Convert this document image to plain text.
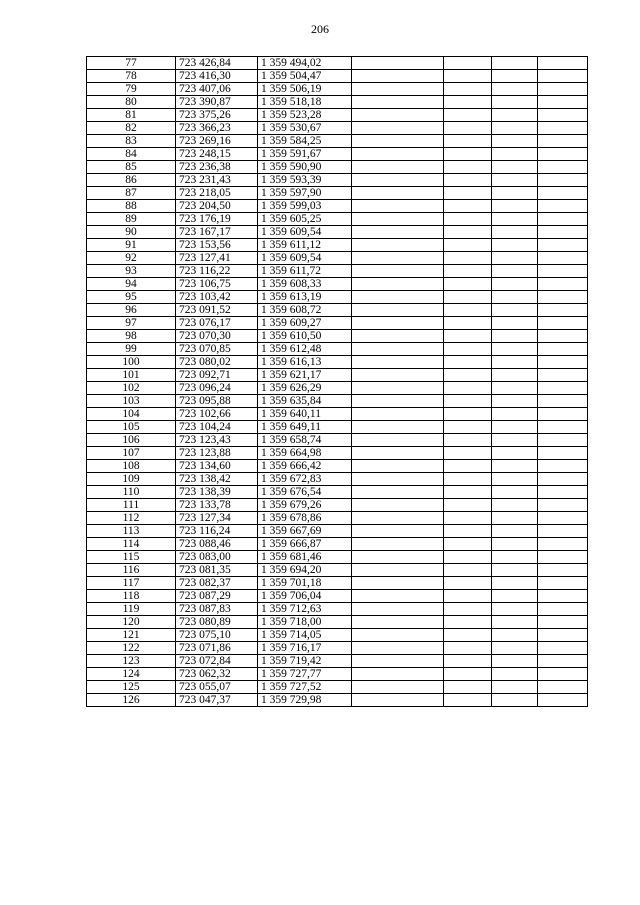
206
77	723 426,84	1 359 494,02				
78	723 416,30	1 359 504,47				
79	723 407,06	1 359 506,19				
80	723 390,87	1 359 518,18				
81	723 375,26	1 359 523,28				
82	723 366,23	1 359 530,67				
83	723 269,16	1 359 584,25				
84	723 248,15	1 359 591,67				
85	723 236,38	1 359 590,90				
86	723 231,43	1 359 593,39				
87	723 218,05	1 359 597,90				
88	723 204,50	1 359 599,03				
89	723 176,19	1 359 605,25				
90	723 167,17	1 359 609,54				
91	723 153,56	1 359 611,12				
92	723 127,41	1 359 609,54				
93	723 116,22	1 359 611,72				
94	723 106,75	1 359 608,33				
95	723 103,42	1 359 613,19				
96	723 091,52	1 359 608,72				
97	723 076,17	1 359 609,27				
98	723 070,30	1 359 610,50				
99	723 070,85	1 359 612,48				
100	723 080,02	1 359 616,13				
101	723 092,71	1 359 621,17				
102	723 096,24	1 359 626,29				
103	723 095,88	1 359 635,84				
104	723 102,66	1 359 640,11				
105	723 104,24	1 359 649,11				
106	723 123,43	1 359 658,74				
107	723 123,88	1 359 664,98				
108	723 134,60	1 359 666,42				
109	723 138,42	1 359 672,83				
110	723 138,39	1 359 676,54				
111	723 133,78	1 359 679,26				
112	723 127,34	1 359 678,86				
113	723 116,24	1 359 667,69				
114	723 088,46	1 359 666,87				
115	723 083,00	1 359 681,46				
116	723 081,35	1 359 694,20				
117	723 082,37	1 359 701,18				
118	723 087,29	1 359 706,04				
119	723 087,83	1 359 712,63				
120	723 080,89	1 359 718,00				
121	723 075,10	1 359 714,05				
122	723 071,86	1 359 716,17				
123	723 072,84	1 359 719,42				
124	723 062,32	1 359 727,77				
125	723 055,07	1 359 727,52				
126	723 047,37	1 359 729,98				
